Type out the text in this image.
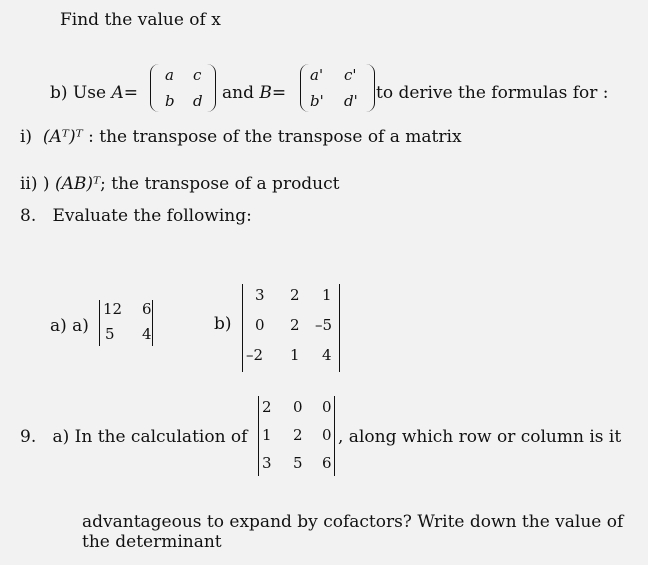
Find the value of x
b) Use A=
a c
b d and B=
a' c'
b' d' to derive the formulas for :
i) (Aᵀ)ᵀ : the transpose of the transpose of a matrix
ii) ) (AB)ᵀ; the transpose of a product
8. Evaluate the following:
a) a)
12 6
5 4	b)
3 2 1
0 2 –5
–2 1 4
9. a) In the calculation of
2 0 0
1 2 0
3 5 6
, along which row or column is it
advantageous to expand by cofactors? Write down the value of
the determinant
